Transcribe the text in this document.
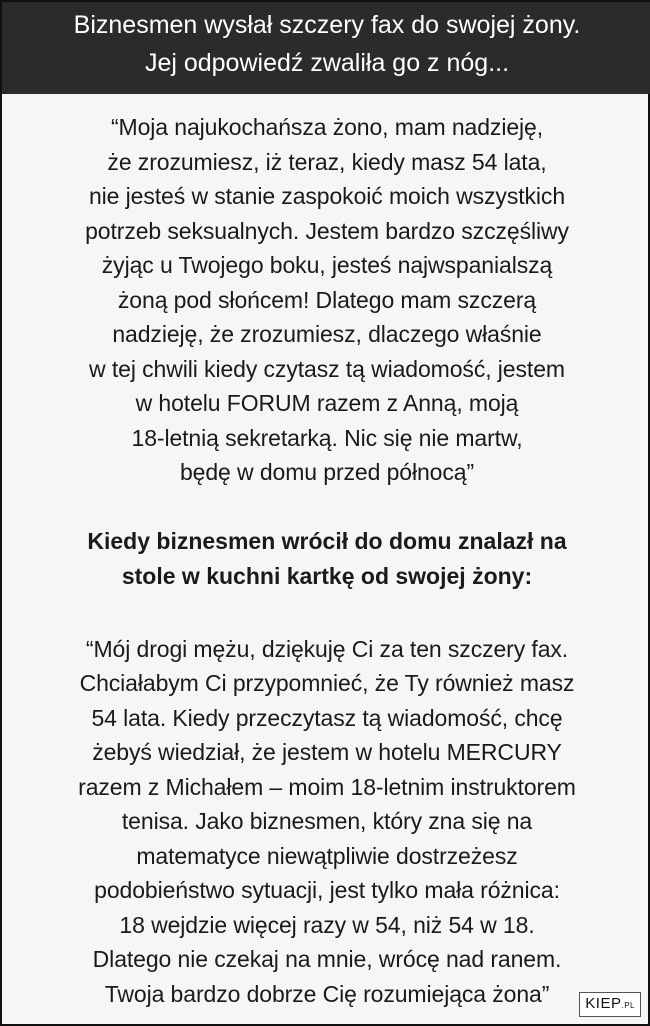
Biznesmen wysłał szczery fax do swojej żony.
Jej odpowiedź zwaliła go z nóg...
“Moja najukochańsza żono, mam nadzieję,
że zrozumiesz, iż teraz, kiedy masz 54 lata,
nie jesteś w stanie zaspokoić moich wszystkich
potrzeb seksualnych. Jestem bardzo szczęśliwy
żyjąc u Twojego boku, jesteś najwspanialszą
żoną pod słońcem! Dlatego mam szczerą
nadzieję, że zrozumiesz, dlaczego właśnie
w tej chwili kiedy czytasz tą wiadomość, jestem
w hotelu FORUM razem z Anną, moją
18-letnią sekretarką. Nic się nie martw,
będę w domu przed północą”
Kiedy biznesmen wrócił do domu znalazł na
stole w kuchni kartkę od swojej żony:
“Mój drogi mężu, dziękuję Ci za ten szczery fax.
Chciałabym Ci przypomnieć, że Ty również masz
54 lata. Kiedy przeczytasz tą wiadomość, chcę
żebyś wiedział, że jestem w hotelu MERCURY
razem z Michałem – moim 18-letnim instruktorem
tenisa. Jako biznesmen, który zna się na
matematyce niewątpliwie dostrzeżesz
podobieństwo sytuacji, jest tylko mała różnica:
18 wejdzie więcej razy w 54, niż 54 w 18.
Dlatego nie czekaj na mnie, wrócę nad ranem.
Twoja bardzo dobrze Cię rozumiejąca żona”	KIEP.PL
